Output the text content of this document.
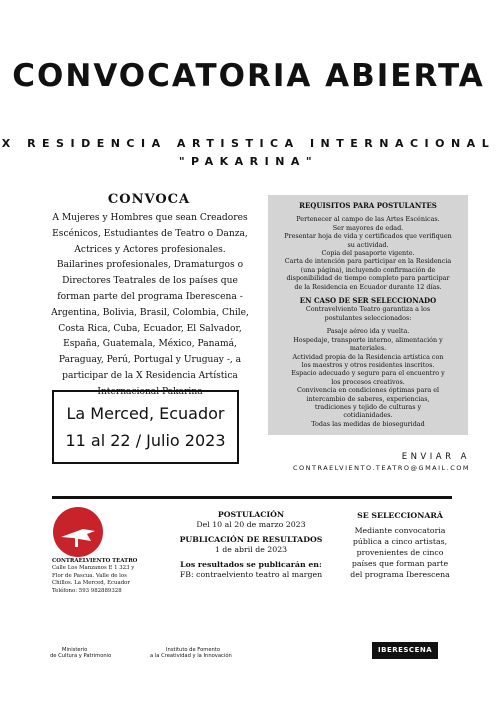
CONVOCATORIA ABIERTA
X RESIDENCIA ARTISTICA INTERNACIONAL
"PAKARINA"
CONVOCA
A Mujeres y Hombres que sean Creadores Escénicos, Estudiantes de Teatro o Danza, Actrices y Actores profesionales. Bailarines profesionales, Dramaturgos o Directores Teatrales de los países que forman parte del programa Iberescena - Argentina, Bolivia, Brasil, Colombia, Chile, Costa Rica, Cuba, Ecuador, El Salvador, España, Guatemala, México, Panamá, Paraguay, Perú, Portugal y Uruguay -, a participar de la X Residencia Artística Internacional Pakarina
La Merced, Ecuador
11 al 22 / Julio 2023
REQUISITOS PARA POSTULANTES
Pertenecer al campo de las Artes Escénicas.
Ser mayores de edad.
Presentar hoja de vida y certificados que verifiquen su actividad.
Copia del pasaporte vigente.
Carta de intención para participar en la Residencia (una página), incluyendo confirmación de disponibilidad de tiempo completo para participar de la Residencia en Ecuador durante 12 días.
EN CASO DE SER SELECCIONADO
Contravelviento Teatro garantiza a los postulantes seleccionados:
Pasaje aéreo ida y vuelta.
Hospedaje, transporte interno, alimentación y materiales.
Actividad propia de la Residencia artística con los maestros y otros residentes inscritos.
Espacio adecuado y seguro para el encuentro y los procesos creativos.
Convivencia en condiciones óptimas para el intercambio de saberes, experiencias, tradiciones y tejido de culturas y cotidianidades.
Todas las medidas de bioseguridad
ENVIAR A
CONTRAELVIENTO.TEATRO@GMAIL.COM
CONTRAELVIENTO TEATRO
Calle Los Manzanos E 1 323 y Flor de Pascua. Valle de los Chillos. La Merced, Ecuador
Teléfono: 593 982889328
POSTULACIÓN
Del 10 al 20 de marzo 2023
PUBLICACIÓN DE RESULTADOS
1 de abril de 2023
Los resultados se publicarán en:
FB: contraelviento teatro al margen
SE SELECCIONARÁ
Mediante convocatoria pública a cinco artistas, provenientes de cinco países que forman parte del programa Iberescena
Ministerio
de Cultura y Patrimonio
Instituto de Fomento
a la Creatividad y la Innovación
IBERESCENA
